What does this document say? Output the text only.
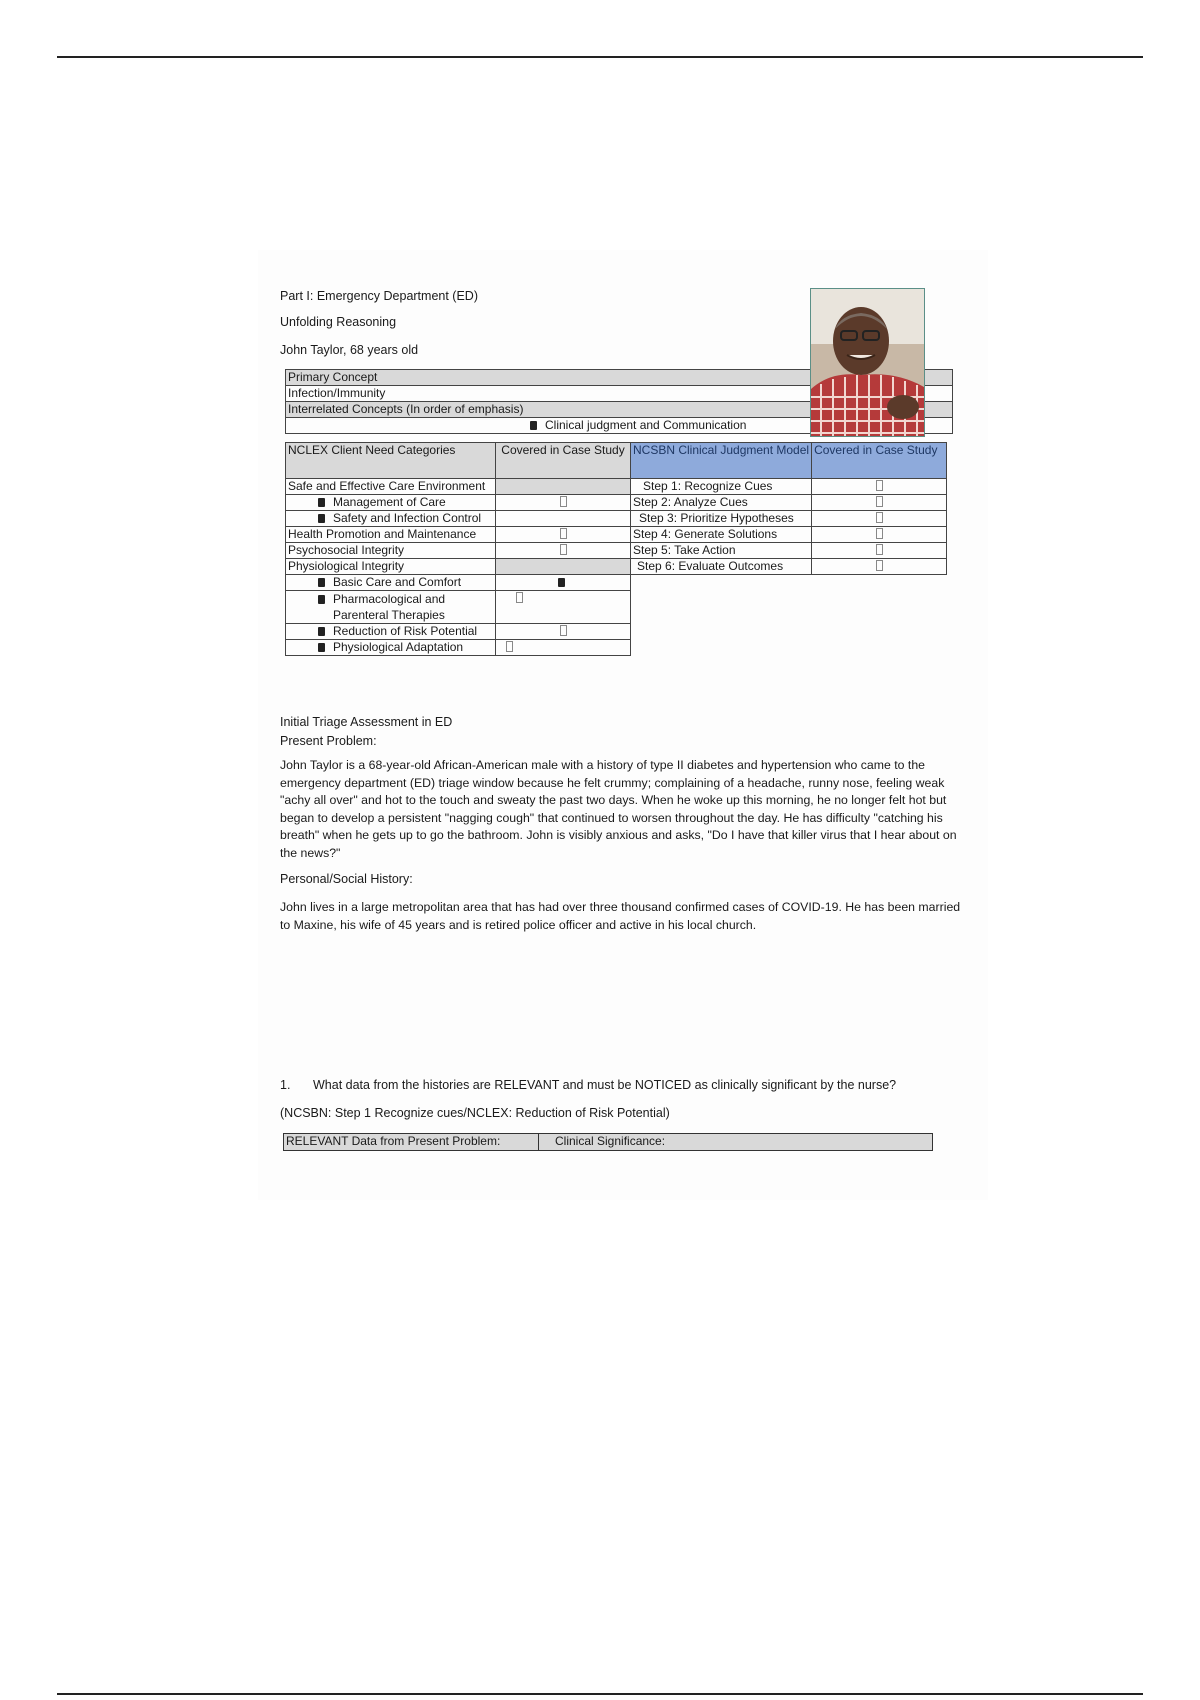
Part I: Emergency Department (ED)
Unfolding Reasoning
John Taylor, 68 years old
Primary Concept
Infection/Immunity
Interrelated Concepts (In order of emphasis)
Clinical judgment and Communication
NCLEX Client Need Categories	Covered in Case Study	NCSBN Clinical Judgment Model	Covered in Case Study
Safe and Effective Care Environment		Step 1: Recognize Cues	
Management of Care		Step 2: Analyze Cues	
Safety and Infection Control		Step 3: Prioritize Hypotheses	
Health Promotion and Maintenance		Step 4: Generate Solutions	
Psychosocial Integrity		Step 5: Take Action	
Physiological Integrity		Step 6: Evaluate Outcomes	
Basic Care and Comfort			
Pharmacological and
Parenteral Therapies			
Reduction of Risk Potential			
Physiological Adaptation			
Initial Triage Assessment in ED
Present Problem:
John Taylor is a 68-year-old African-American male with a history of type II diabetes and hypertension who came to the
emergency department (ED) triage window because he felt crummy; complaining of a headache, runny nose, feeling weak
"achy all over" and hot to the touch and sweaty the past two days. When he woke up this morning, he no longer felt hot but
began to develop a persistent "nagging cough" that continued to worsen throughout the day. He has difficulty "catching his
breath" when he gets up to go the bathroom. John is visibly anxious and asks, "Do I have that killer virus that I hear about on
the news?"
Personal/Social History:
John lives in a large metropolitan area that has had over three thousand confirmed cases of COVID-19. He has been married
to Maxine, his wife of 45 years and is retired police officer and active in his local church.
1. What data from the histories are RELEVANT and must be NOTICED as clinically significant by the nurse?
(NCSBN: Step 1 Recognize cues/NCLEX: Reduction of Risk Potential)
RELEVANT Data from Present Problem:	Clinical Significance:
